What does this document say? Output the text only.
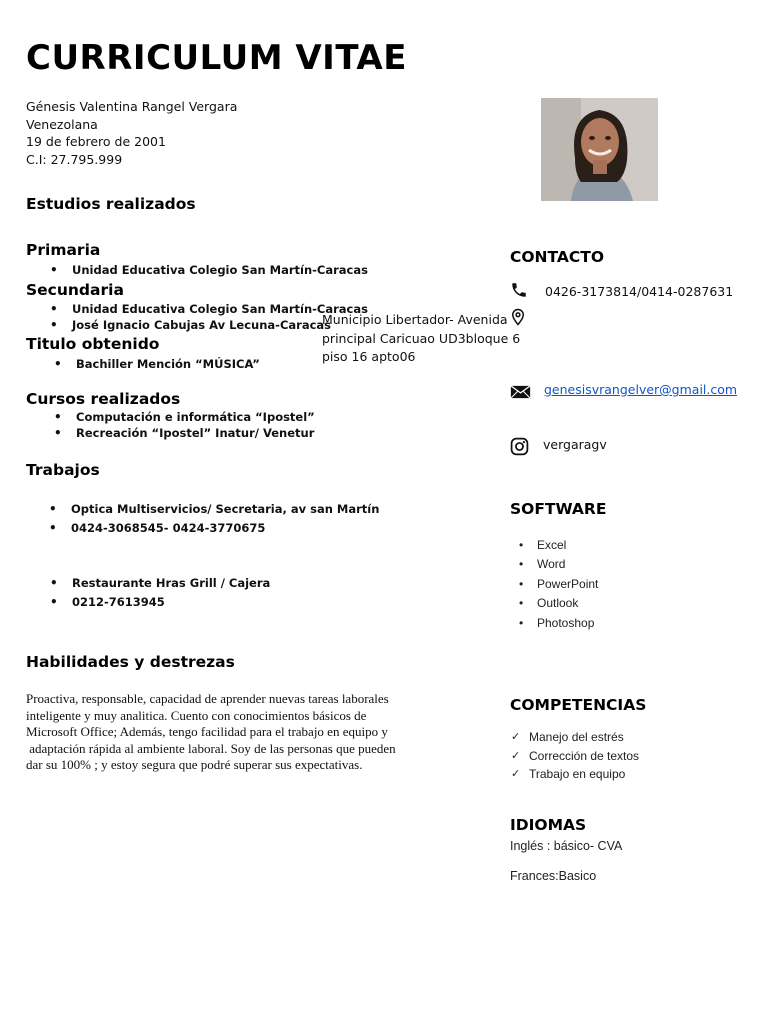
CURRICULUM VITAE
Génesis Valentina Rangel Vergara
Venezolana
19 de febrero de 2001
C.I: 27.795.999
Estudios realizados
Primaria
• Unidad Educativa Colegio San Martín-Caracas
Secundaria
• Unidad Educativa Colegio San Martín-Caracas
• José Ignacio Cabujas Av Lecuna-Caracas
Titulo obtenido
• Bachiller Mención “MÚSICA”
Cursos realizados
• Computación e informática “Ipostel”
• Recreación “Ipostel” Inatur/ Venetur
Trabajos
• Optica Multiservicios/ Secretaria, av san Martín
• 0424-3068545- 0424-3770675
• Restaurante Hras Grill / Cajera
• 0212-7613945
Habilidades y destrezas
Proactiva, responsable, capacidad de aprender nuevas tareas laborales
inteligente y muy analitica. Cuento con conocimientos básicos de
Microsoft Office; Además, tengo facilidad para el trabajo en equipo y
adaptación rápida al ambiente laboral. Soy de las personas que pueden
dar su 100% ; y estoy segura que podré superar sus expectativas.
Municipio Libertador- Avenida
principal Caricuao UD3bloque 6
piso 16 apto06
CONTACTO
0426-3173814/0414-0287631
genesisvrangelver@gmail.com
vergaragv
SOFTWARE
• Excel
• Word
• PowerPoint
• Outlook
• Photoshop
COMPETENCIAS
✓ Manejo del estrés
✓ Corrección de textos
✓ Trabajo en equipo
IDIOMAS
Inglés : básico- CVA
Frances:Basico
